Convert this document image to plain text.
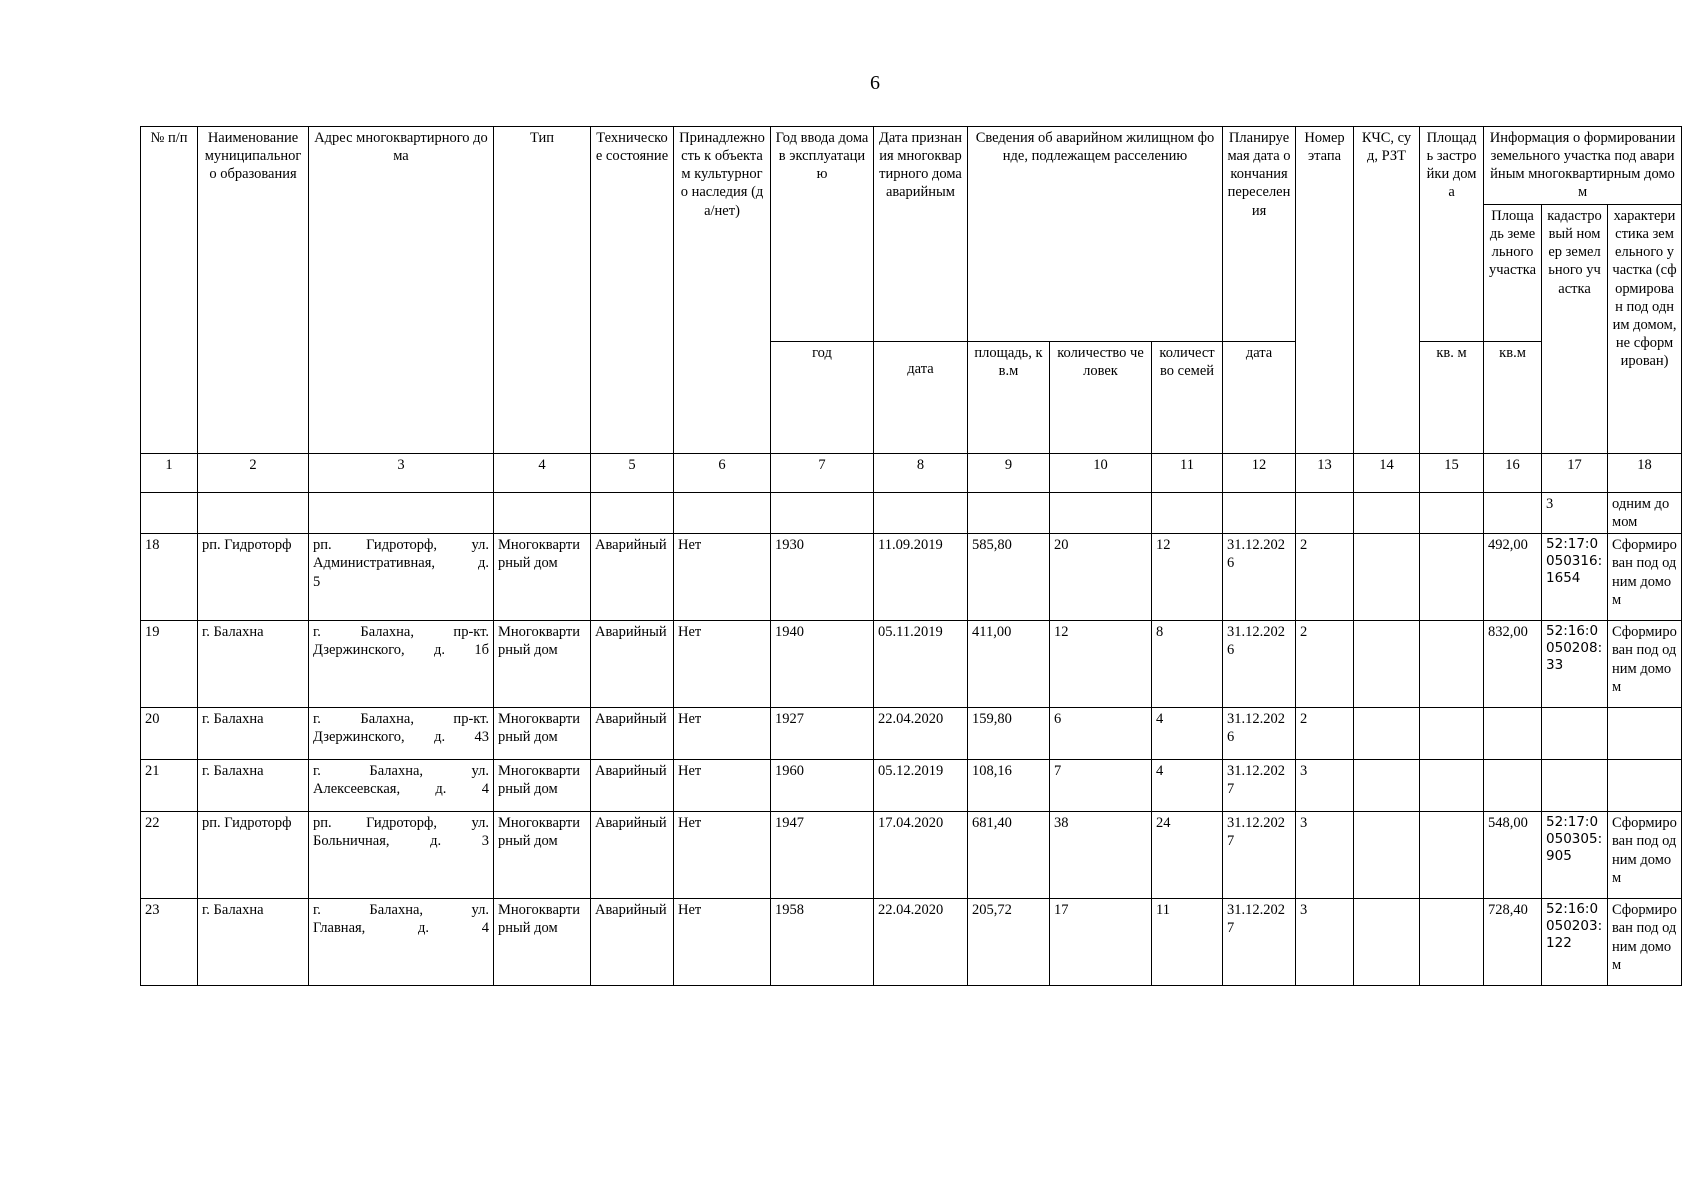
6
№ п/п	Наименование муниципального образования	Адрес многоквартирного дома	Тип	Техническое состояние	Принадлежность к объектам культурного наследия (да/нет)	Год ввода дома в эксплуатацию	Дата признания многоквартирного дома аварийным	Сведения об аварийном жилищном фонде, подлежащем расселению			Планируемая дата окончания переселения	Номер этапа	КЧС, суд, РЗТ	Площадь застройки дома	Информация о формировании земельного участка под аварийным многоквартирным домом		
															Площадь земельного участка	кадастровый номер земельного участка	характеристика земельного участка (сформирован под одним домом, не сформирован)
						год	дата	площадь, кв.м	количество человек	количество семей	дата			кв. м	кв.м		
1	2	3	4	5	6	7	8	9	10	11	12	13	14	15	16	17	18
																3	одним домом
18	рп. Гидроторф	рп. Гидроторф, ул.
Административная, д.
5	Многоквартирный дом	Аварийный	Нет	1930	11.09.2019	585,80	20	12	31.12.2026	2			492,00	52:17:0050316:1654	Сформирован под одним домом
19	г. Балахна	г. Балахна, пр-кт.
Дзержинского, д. 1б	Многоквартирный дом	Аварийный	Нет	1940	05.11.2019	411,00	12	8	31.12.2026	2			832,00	52:16:0050208:33	Сформирован под одним домом
20	г. Балахна	г. Балахна, пр-кт.
Дзержинского, д. 43	Многоквартирный дом	Аварийный	Нет	1927	22.04.2020	159,80	6	4	31.12.2026	2					
21	г. Балахна	г. Балахна, ул.
Алексеевская, д. 4	Многоквартирный дом	Аварийный	Нет	1960	05.12.2019	108,16	7	4	31.12.2027	3					
22	рп. Гидроторф	рп. Гидроторф, ул.
Больничная, д. 3	Многоквартирный дом	Аварийный	Нет	1947	17.04.2020	681,40	38	24	31.12.2027	3			548,00	52:17:0050305:905	Сформирован под одним домом
23	г. Балахна	г. Балахна, ул.
Главная, д. 4	Многоквартирный дом	Аварийный	Нет	1958	22.04.2020	205,72	17	11	31.12.2027	3			728,40	52:16:0050203:122	Сформирован под одним домом
